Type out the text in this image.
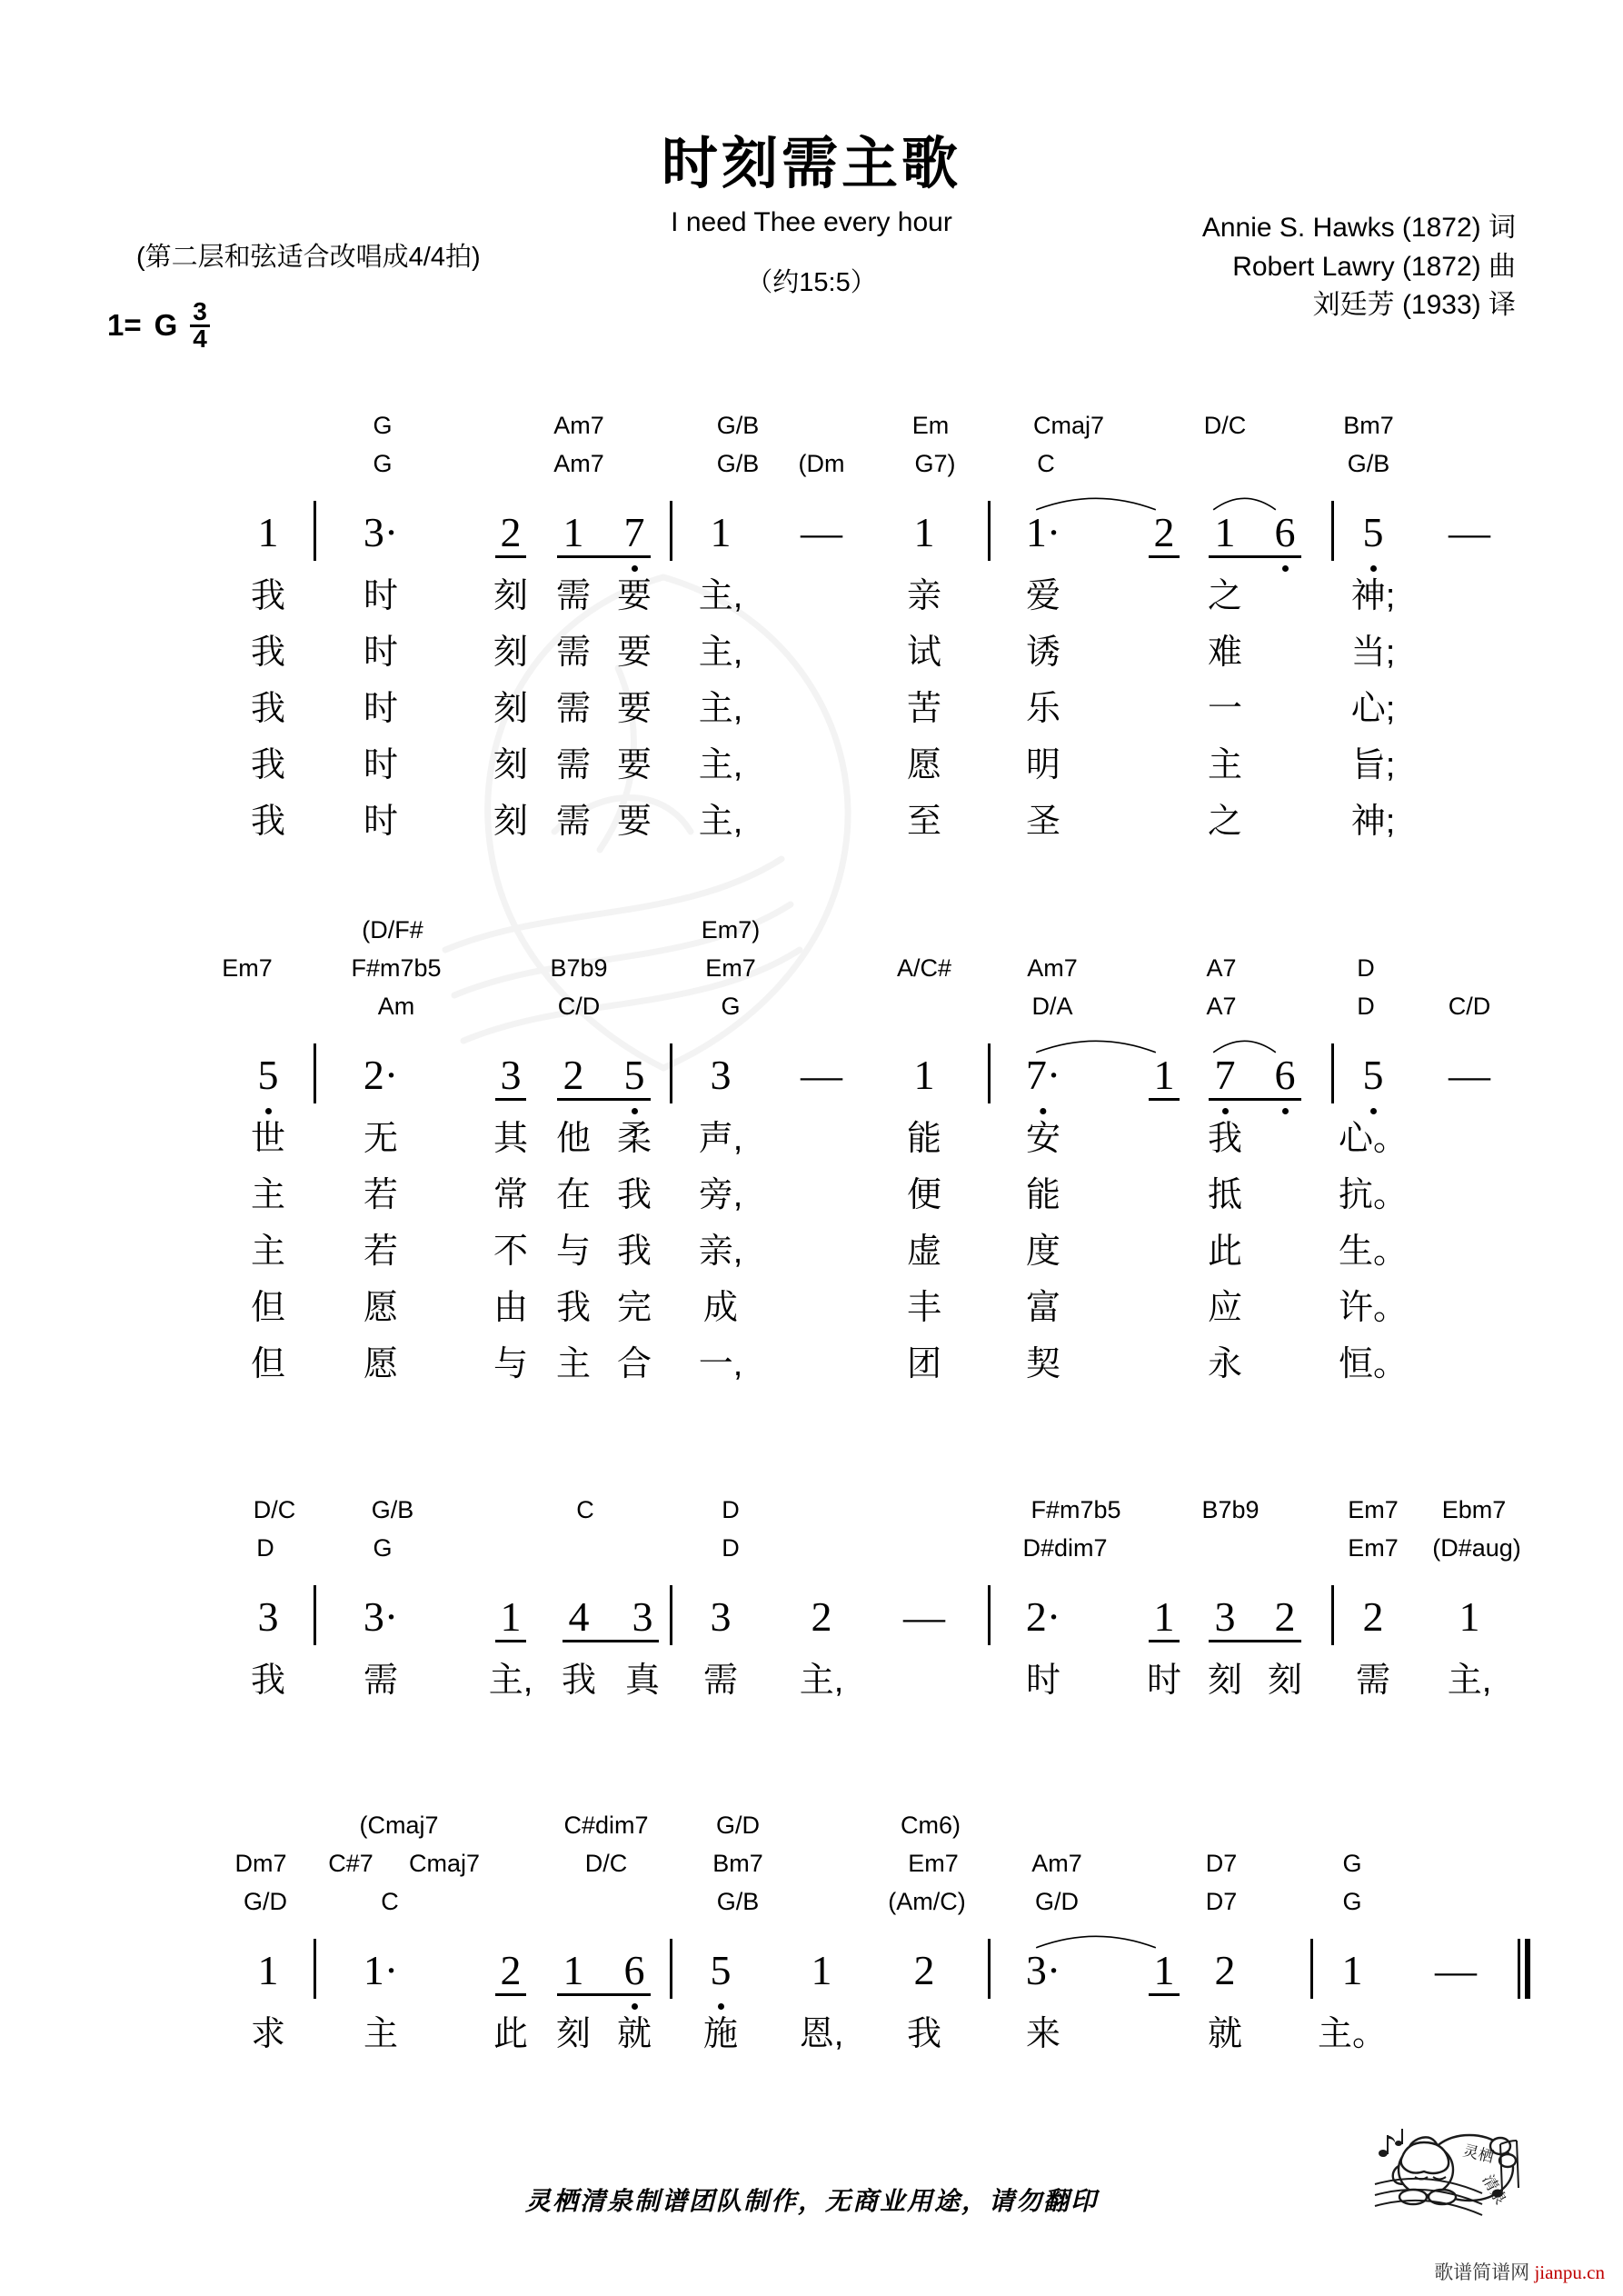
时刻需主歌
I need Thee every hour
（约15:5）
(第二层和弦适合改唱成4/4拍)
1= G $\frac{3}{4}$
Annie S. Hawks (1872) 词
Robert Lawry (1872) 曲
刘廷芳 (1933) 译
G	Am7	G/B	Em	Cmaj7	D/C	Bm7
G	Am7	G/B (Dm	G7)	C	G/B
1 3· 2 1 7 1 — 1 1· 2 1 6 5 —
我 时	刻 需 要 主,	亲 爱	之	神;
我 时	刻 需 要 主,	试 诱	难	当;
我 时	刻 需 要 主,	苦 乐	一	心;
我 时	刻 需 要 主,	愿 明	主	旨;
我 时	刻 需 要 主,	至 圣	之	神;
(D/F#	Em7)
Em7	F#m7b5	B7b9	Em7	A/C#	Am7	A7	D
Am	C/D	G	D/A	A7	D	C/D
5 2· 3 2 5 3 — 1 7· 1 7 6 5 —
世 无	其 他 柔 声,	能 安	我	心。
主 若	常 在 我 旁,	便 能	抵	抗。
主 若	不 与 我 亲,	虚 度	此	生。
但 愿	由 我 完 成	丰 富	应	许。
但 愿	与 主 合 一,	团 契	永	恒。
D/C	G/B	C	D	F#m7b5	B7b9	Em7 Ebm7
D	G	D	D#dim7	Em7 (D#aug)
3 3· 1 4 3 3 2 — 2· 1 3 2 2 1
我 需	主, 我 真 需 主,	时 时 刻 刻 需 主,
(Cmaj7	C#dim7	G/D	Cm6)
Dm7 C#7 Cmaj7	D/C	Bm7	Em7	Am7	D7	G
G/D	C	G/B	(Am/C)	G/D	D7	G
1 1· 2 1 6 5 1 2 3· 1 2	1 —
求 主	此 刻 就 施 恩, 我 来	就 主。
灵栖清泉制谱团队制作，无商业用途，请勿翻印
灵栖
清泉
歌谱简谱网 jianpu.cn
